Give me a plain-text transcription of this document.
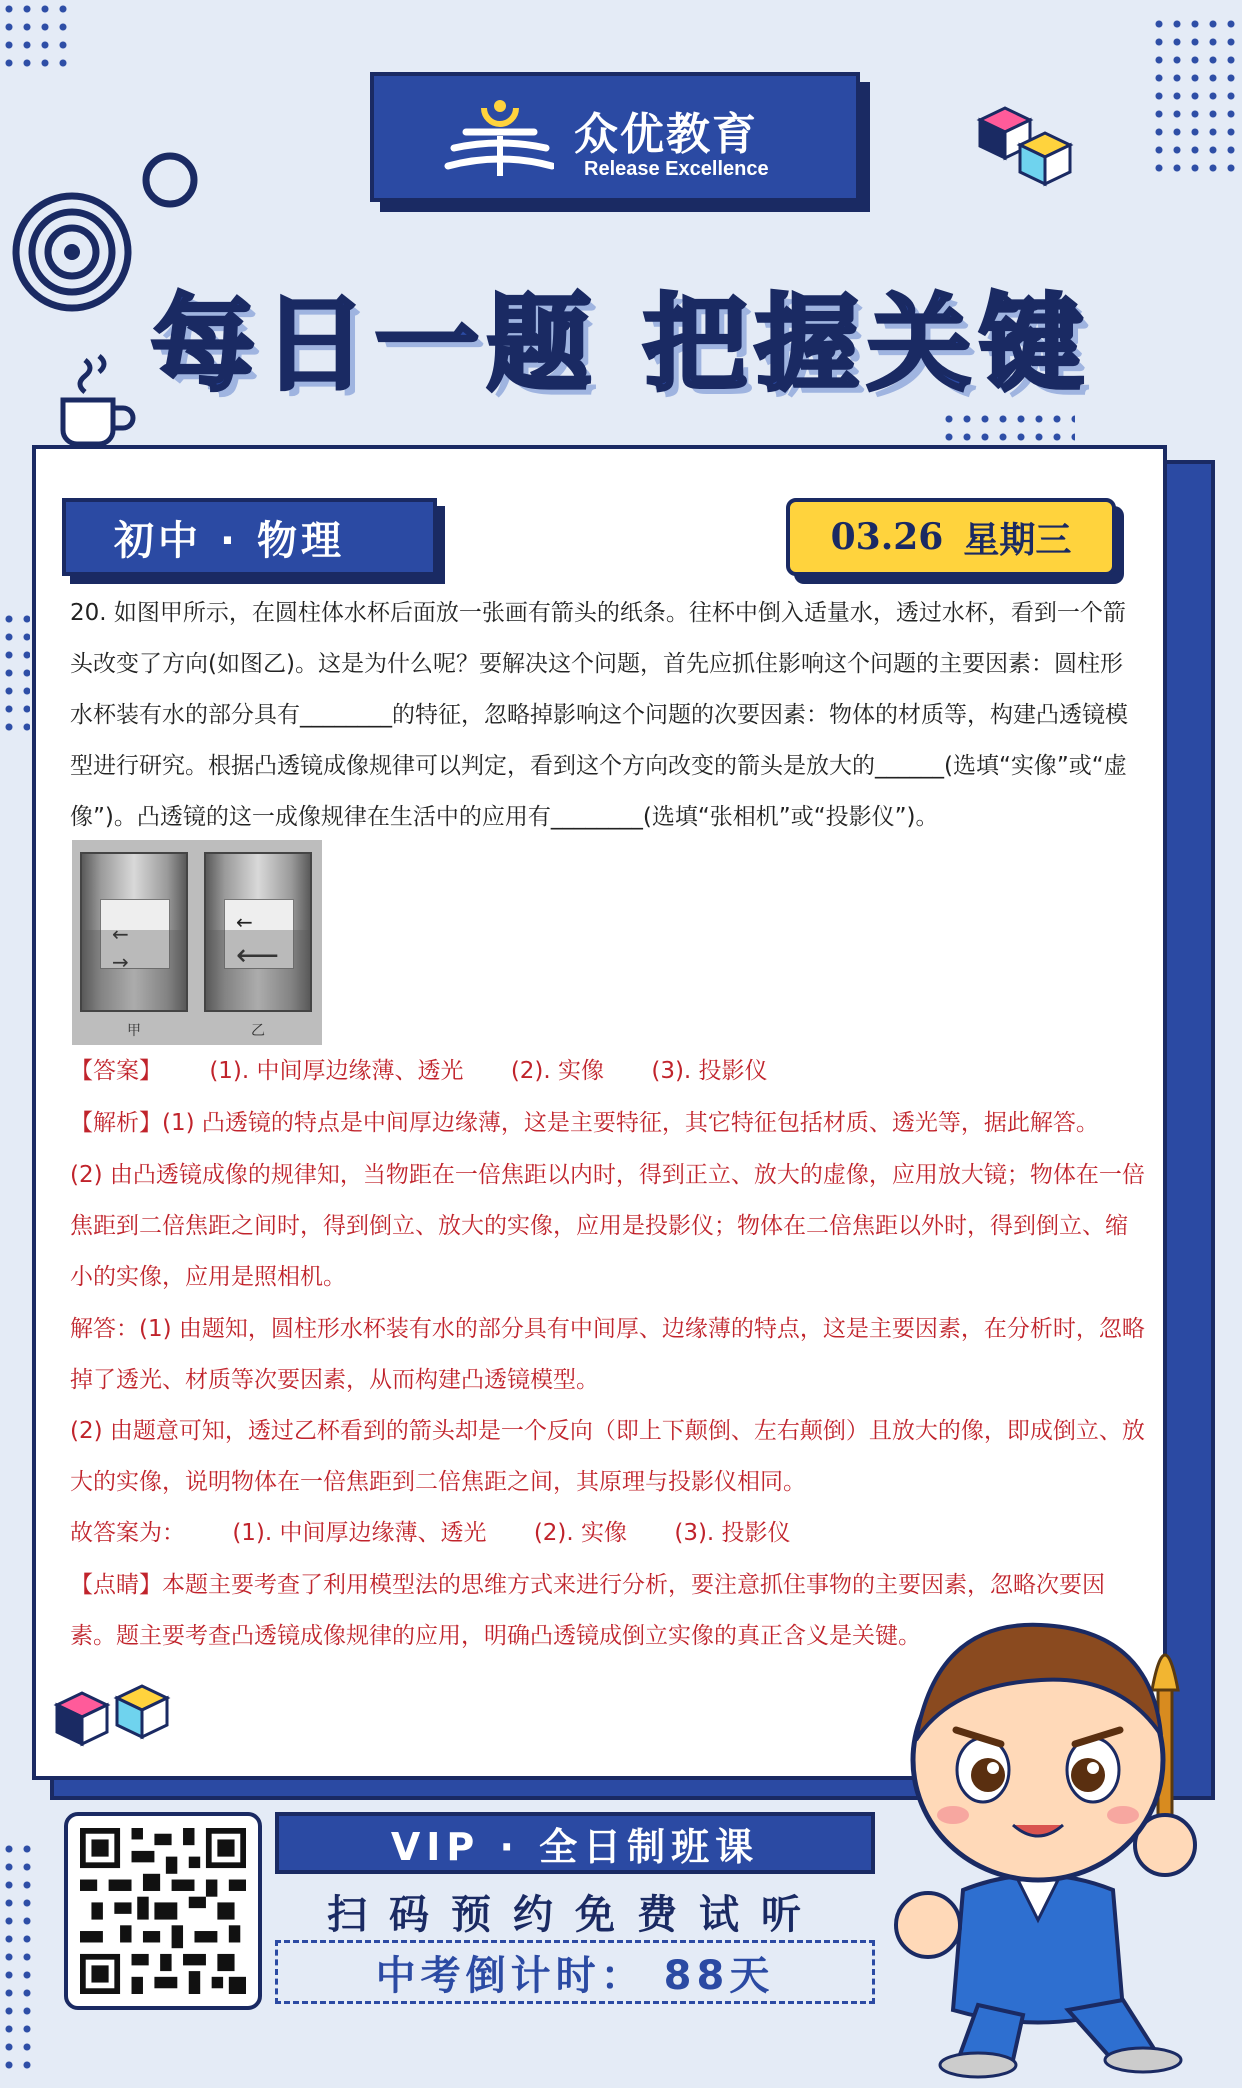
众优教育
Release Excellence
每日一题 把握关键
初中 · 物理	03.26 星期三
20. 如图甲所示，在圆柱体水杯后面放一张画有箭头的纸条。往杯中倒入适量水，透过水杯，看到一个箭头改变了方向(如图乙)。这是为什么呢？要解决这个问题，首先应抓住影响这个问题的主要因素：圆柱形水杯装有水的部分具有________的特征，忽略掉影响这个问题的次要因素：物体的材质等，构建凸透镜模型进行研究。根据凸透镜成像规律可以判定，看到这个方向改变的箭头是放大的______(选填“实像”或“虚像”)。凸透镜的这一成像规律在生活中的应用有________(选填“张相机”或“投影仪”)。
←
→
甲
←
⟵
乙
【答案】 (1). 中间厚边缘薄、透光 (2). 实像 (3). 投影仪
【解析】(1) 凸透镜的特点是中间厚边缘薄，这是主要特征，其它特征包括材质、透光等，据此解答。
(2) 由凸透镜成像的规律知，当物距在一倍焦距以内时，得到正立、放大的虚像，应用放大镜；物体在一倍焦距到二倍焦距之间时，得到倒立、放大的实像，应用是投影仪；物体在二倍焦距以外时，得到倒立、缩小的实像，应用是照相机。
解答：(1) 由题知，圆柱形水杯装有水的部分具有中间厚、边缘薄的特点，这是主要因素，在分析时，忽略掉了透光、材质等次要因素，从而构建凸透镜模型。
(2) 由题意可知，透过乙杯看到的箭头却是一个反向（即上下颠倒、左右颠倒）且放大的像，即成倒立、放大的实像，说明物体在一倍焦距到二倍焦距之间，其原理与投影仪相同。
故答案为： (1). 中间厚边缘薄、透光 (2). 实像 (3). 投影仪
【点睛】本题主要考查了利用模型法的思维方式来进行分析，要注意抓住事物的主要因素，忽略次要因素。题主要考查凸透镜成像规律的应用，明确凸透镜成倒立实像的真正含义是关键。
VIP · 全日制班课
扫码预约免费试听
中考倒计时： 88天
